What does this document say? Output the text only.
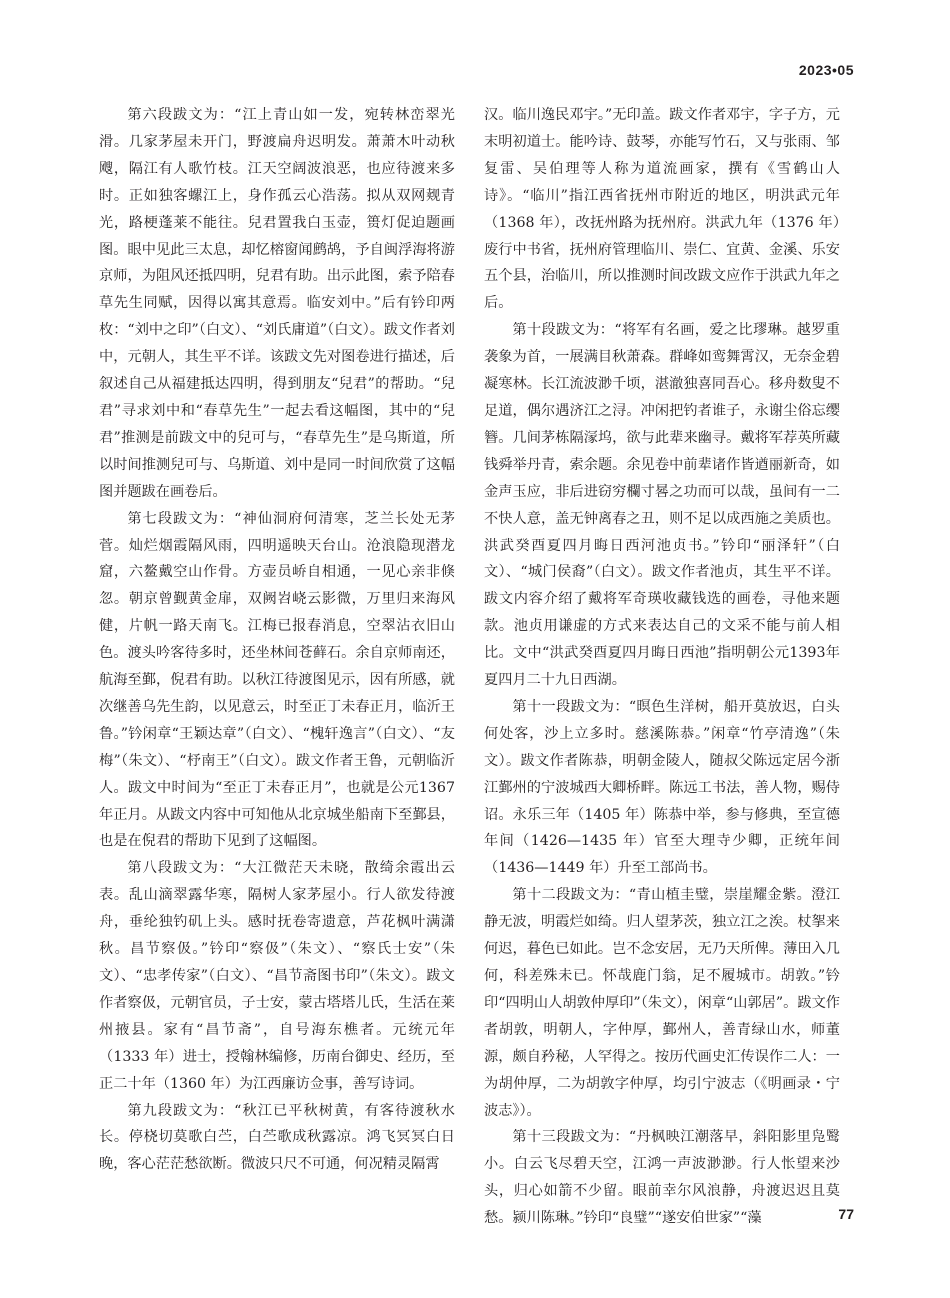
2023•05

第六段跋文为：“江上青山如一发，宛转林峦翠光滑。几家茅屋未开门，野渡扁舟迟明发。萧萧木叶动秋飕，隔江有人歌竹枝。江天空阔波浪恶，也应待渡来多时。正如独客螺江上，身作孤云心浩荡。拟从双网觌青光，路梗蓬莱不能往。兒君置我白玉壶，篑灯促迫题画图。眼中见此三太息，却忆榕窗闻鹧鸪，予自闽浮海将游京师，为阻风还抵四明，兒君有助。出示此图，索予陪春草先生同赋，因得以寓其意焉。临安刘中。”后有钤印两枚：“刘中之印”（白文）、“刘氏庸道”（白文）。跋文作者刘中，元朝人，其生平不详。该跋文先对图卷进行描述，后叙述自己从福建抵达四明，得到朋友“兒君”的帮助。“兒君”寻求刘中和“春草先生”一起去看这幅图，其中的“兒君”推测是前跋文中的兒可与，“春草先生”是乌斯道，所以时间推测兒可与、乌斯道、刘中是同一时间欣赏了这幅图并题跋在画卷后。

第七段跋文为：“神仙洞府何清寒，芝兰长处无茅菅。灿烂烟霞隔风雨，四明遥映天台山。沧浪隐现潜龙窟，六鳌戴空山作骨。方壶员峤自相通，一见心亲非倏忽。朝京曾觐黄金扉，双阙岧峣云影微，万里归来海风健，片帆一路天南飞。江梅已报春消息，空翠沾衣旧山色。渡头吟客待多时，还坐林间苍藓石。余自京师南还，航海至鄞，倪君有助。以秋江待渡图见示，因有所感，就次继善乌先生韵，以见意云，时至正丁未春正月，临沂王鲁。”钤闲章“王颖达章”（白文）、“槐轩逸言”（白文）、“友梅”（朱文）、“杼南王”（白文）。跋文作者王鲁，元朝临沂人。跋文中时间为“至正丁未春正月”，也就是公元1367年正月。从跋文内容中可知他从北京城坐船南下至鄞县，也是在倪君的帮助下见到了这幅图。

第八段跋文为：“大江微茫天未晓，散绮余霞出云表。乱山滴翠露华寒，隔树人家茅屋小。行人欲发待渡舟，垂纶独钓矶上头。感时抚卷寄遗意，芦花枫叶满潇秋。昌节察伋。”钤印“察伋”（朱文）、“察氏士安”（朱文）、“忠孝传家”（白文）、“昌节斋图书印”（朱文）。跋文作者察伋，元朝官员，子士安，蒙古塔塔儿氏，生活在莱州掖县。家有“昌节斋”，自号海东樵者。元统元年（1333 年）进士，授翰林编修，历南台御史、经历，至正二十年（1360 年）为江西廉访佥事，善写诗词。

第九段跋文为：“秋江已平秋树黄，有客待渡秋水长。停桡切莫歌白苎，白苎歌成秋露凉。鸿飞冥冥白日晚，客心茫茫愁欲断。微波只尺不可通，何况精灵隔霄

汉。临川逸民邓宇。”无印盖。跋文作者邓宇，字子方，元末明初道士。能吟诗、鼓琴，亦能写竹石，又与张雨、邹复雷、吴伯理等人称为道流画家，撰有《雪鹤山人诗》。“临川”指江西省抚州市附近的地区，明洪武元年（1368 年），改抚州路为抚州府。洪武九年（1376 年）废行中书省，抚州府管理临川、崇仁、宜黄、金溪、乐安五个县，治临川，所以推测时间改跋文应作于洪武九年之后。

第十段跋文为：“将军有名画，爱之比璆琳。越罗重袭象为首，一展满目秋萧森。群峰如鸾舞霄汉，无奈金碧凝寒林。长江流波渺千顷，湛澈独喜同吾心。移舟数叟不足道，偶尔遇济江之浔。冲闲把钓者谁子，永谢尘俗忘缨簪。几间茅栋隔溕坞，欲与此辈来幽寻。戴将军荐英所藏钱舜举丹青，索余题。余见卷中前辈诸作皆遒丽新奇，如金声玉应，非后进窃穷欄寸晷之功而可以哉，虽间有一二不快人意，盖无钟离春之丑，则不足以成西施之美质也。洪武癸酉夏四月晦日西河池贞书。”钤印“丽泽轩”（白文）、“城门侯裔”（白文）。跋文作者池贞，其生平不详。跋文内容介绍了戴将军奇瑛收藏钱选的画卷，寻他来题款。池贞用谦虚的方式来表达自己的文采不能与前人相比。文中“洪武癸酉夏四月晦日西池”指明朝公元1393年夏四月二十九日西湖。

第十一段跋文为：“暝色生洋树，船开莫放迟，白头何处客，沙上立多时。慈溪陈恭。”闲章“竹亭清逸”（朱文）。跋文作者陈恭，明朝金陵人，随叔父陈远定居今浙江鄞州的宁波城西大卿桥畔。陈远工书法，善人物，赐侍诏。永乐三年（1405 年）陈恭中举，参与修典，至宣德年间（1426—1435 年）官至大理寺少卿，正统年间（1436—1449 年）升至工部尚书。

第十二段跋文为：“青山植圭璧，崇崖耀金紫。澄江静无波，明霞烂如绮。归人望茅茨，独立江之涘。杖挐来何迟，暮色已如此。岂不念安居，无乃天所俾。薄田入几何，科差殊未已。怀哉鹿门翁，足不履城市。胡敦。”钤印“四明山人胡敦仲厚印”（朱文），闲章“山郭居”。跋文作者胡敦，明朝人，字仲厚，鄞州人，善青绿山水，师董源，颇自矜秘，人罕得之。按历代画史汇传误作二人：一为胡仲厚，二为胡敦字仲厚，均引宁波志（《明画录・宁波志》）。

第十三段跋文为：“丹枫映江潮落早，斜阳影里凫鹥小。白云飞尽碧天空，江鸿一声波渺渺。行人怅望来沙头，归心如箭不少留。眼前幸尔风浪静，舟渡迟迟且莫愁。颍川陈琳。”钤印“良璧”“遂安伯世家”“藻	77
